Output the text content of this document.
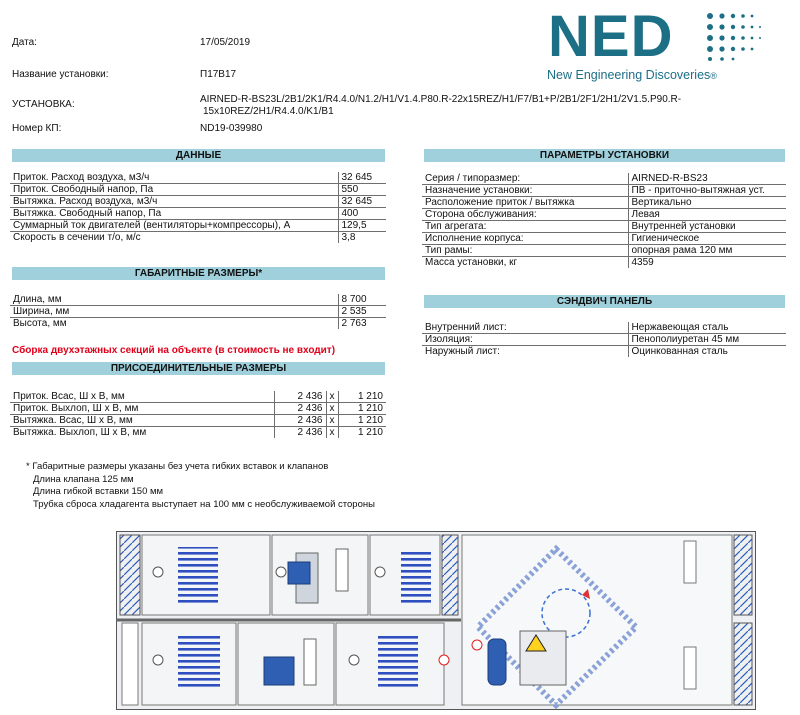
Дата:	17/05/2019
Название установки:	П17В17
УСТАНОВКА:	AIRNED-R-BS23L/2B1/2K1/R4.4.0/N1.2/H1/V1.4.P80.R-22x15REZ/H1/F7/B1+P/2B1/2F1/2H1/2V1.5.P90.R-
15x10REZ/2H1/R4.4.0/K1/B1
Номер КП:	ND19-039980
NED
New Engineering Discoveries®
ДАННЫЕ
Приток. Расход воздуха, м3/ч	32 645
Приток. Свободный напор, Па	550
Вытяжка. Расход воздуха, м3/ч	32 645
Вытяжка. Свободный напор, Па	400
Суммарный ток двигателей (вентиляторы+компрессоры), А	129,5
Скорость в сечении т/о, м/с	3,8
ГАБАРИТНЫЕ РАЗМЕРЫ*
Длина, мм	8 700
Ширина, мм	2 535
Высота, мм	2 763
Сборка двухэтажных секций на объекте (в стоимость не входит)
ПРИСОЕДИНИТЕЛЬНЫЕ РАЗМЕРЫ
Приток. Всас, Ш х В, мм	2 436	x	1 210
Приток. Выхлоп, Ш х В, мм	2 436	x	1 210
Вытяжка. Всас, Ш х В, мм	2 436	x	1 210
Вытяжка. Выхлоп, Ш х В, мм	2 436	x	1 210
ПАРАМЕТРЫ УСТАНОВКИ
Серия / типоразмер:	AIRNED-R-BS23
Назначение установки:	ПВ - приточно-вытяжная уст.
Расположение приток / вытяжка	Вертикально
Сторона обслуживания:	Левая
Тип агрегата:	Внутренней установки
Исполнение корпуса:	Гигиеническое
Тип рамы:	опорная рама 120 мм
Масса установки, кг	4359
СЭНДВИЧ ПАНЕЛЬ
Внутренний лист:	Нержавеющая сталь
Изоляция:	Пенополиуретан 45 мм
Наружный лист:	Оцинкованная сталь
* Габаритные размеры указаны без учета гибких вставок и клапанов
Длина клапана 125 мм
Длина гибкой вставки 150 мм
Трубка сброса хладагента выступает на 100 мм с необслуживаемой стороны
